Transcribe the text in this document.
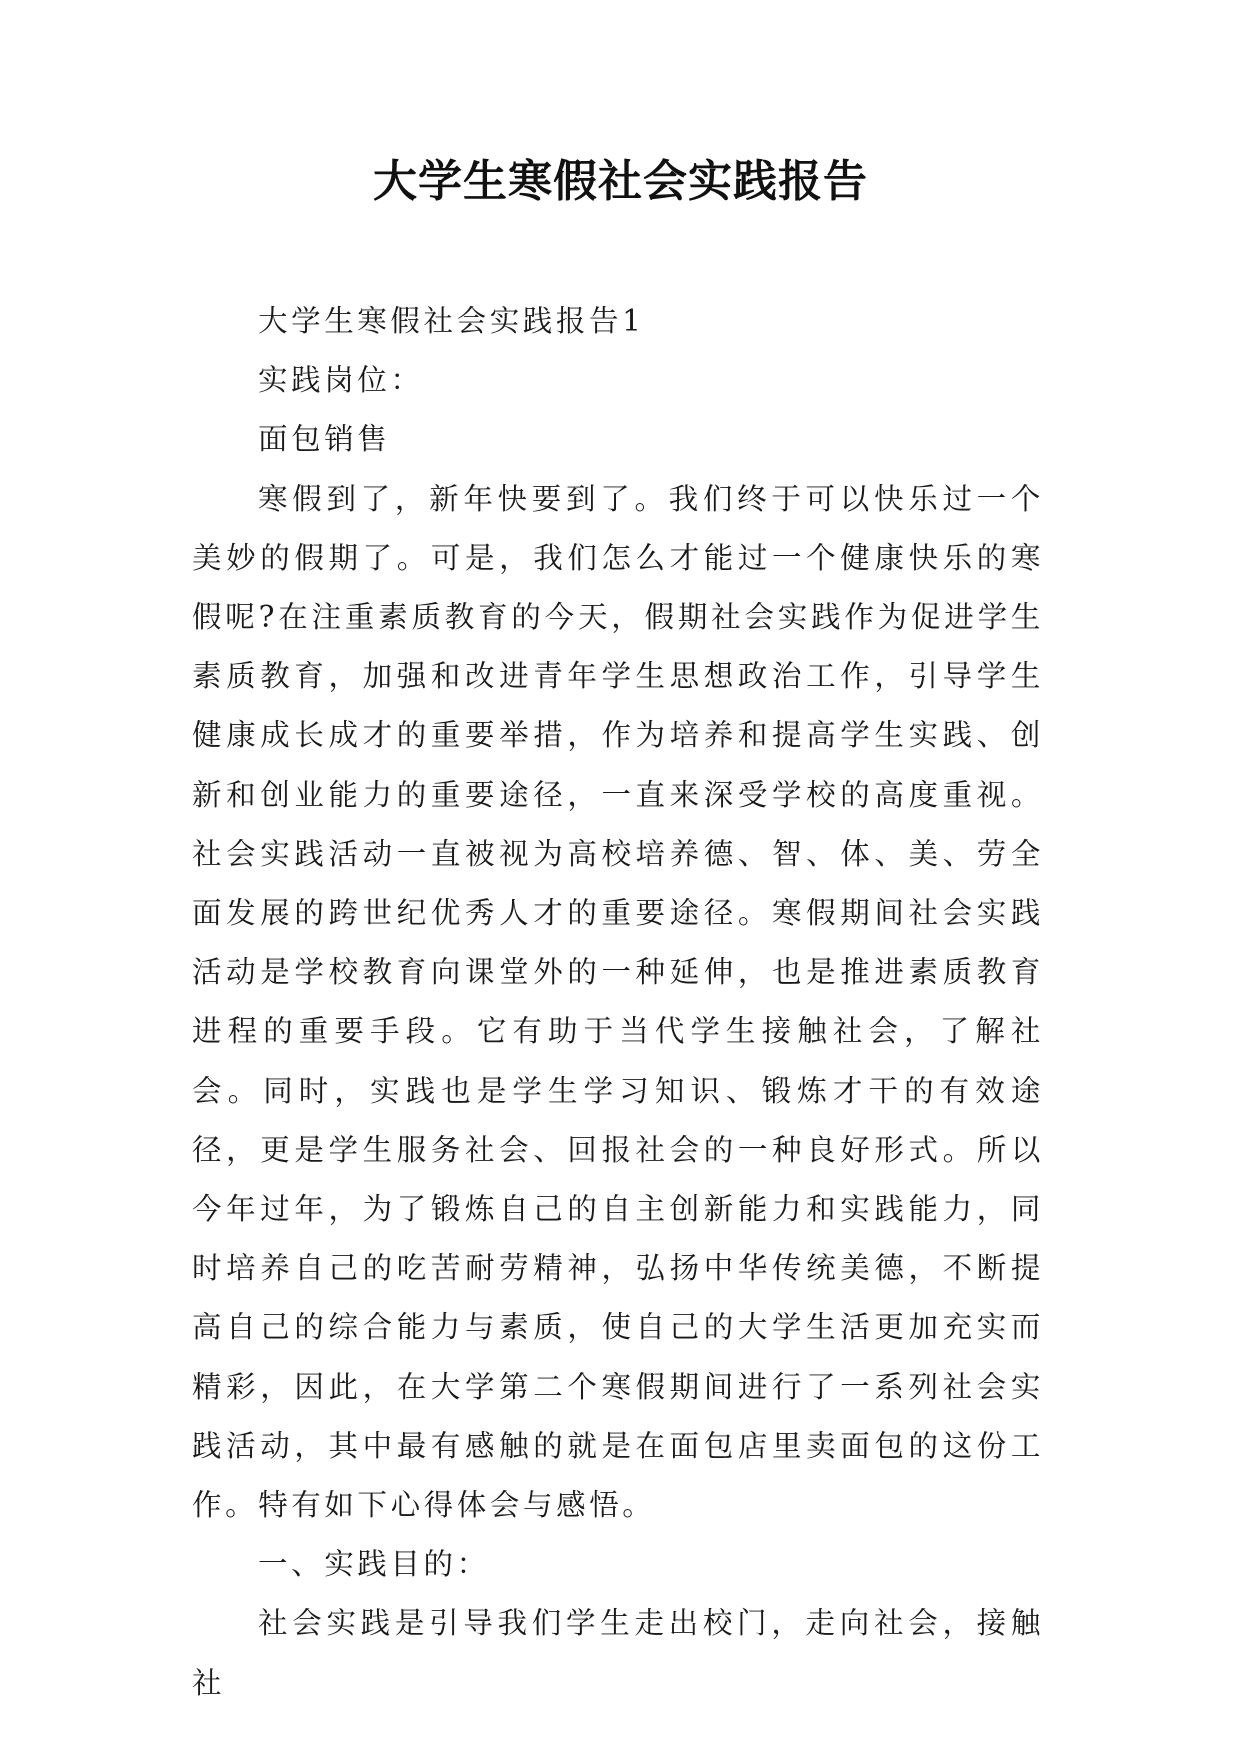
大学生寒假社会实践报告

大学生寒假社会实践报告1

实践岗位：

面包销售

寒假到了，新年快要到了。我们终于可以快乐过一个美妙的假期了。可是，我们怎么才能过一个健康快乐的寒假呢?在注重素质教育的今天，假期社会实践作为促进学生素质教育，加强和改进青年学生思想政治工作，引导学生健康成长成才的重要举措，作为培养和提高学生实践、创新和创业能力的重要途径，一直来深受学校的高度重视。社会实践活动一直被视为高校培养德、智、体、美、劳全面发展的跨世纪优秀人才的重要途径。寒假期间社会实践活动是学校教育向课堂外的一种延伸，也是推进素质教育进程的重要手段。它有助于当代学生接触社会，了解社会。同时，实践也是学生学习知识、锻炼才干的有效途径，更是学生服务社会、回报社会的一种良好形式。所以今年过年，为了锻炼自己的自主创新能力和实践能力，同时培养自己的吃苦耐劳精神，弘扬中华传统美德，不断提高自己的综合能力与素质，使自己的大学生活更加充实而精彩，因此，在大学第二个寒假期间进行了一系列社会实践活动，其中最有感触的就是在面包店里卖面包的这份工作。特有如下心得体会与感悟。

一、实践目的：

社会实践是引导我们学生走出校门，走向社会，接触社
